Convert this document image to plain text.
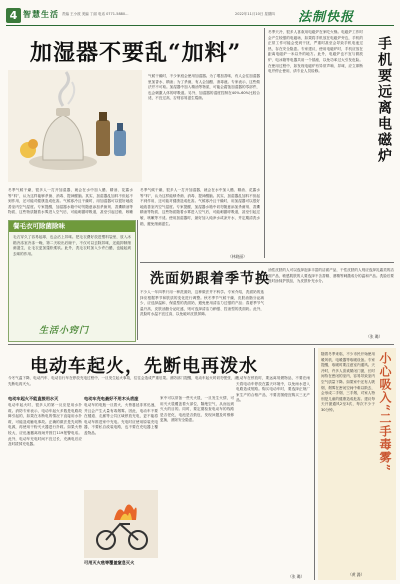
4 智慧生活 责编 王小波 美编 丁丽 电话 0771-5880...	2022年11月10日 星期四 法制快报
加湿器不要乱“加料”
气候干燥时，不少家庭会使用加湿器。为了增加香味，有人会往加湿器里加香水、精油；为了杀菌，有人会加醋、消毒液。专家表示，这些做法并不可取。加湿器中加入精油等物质，可能会腐蚀加湿器的零部件，也会刺激人体的呼吸道。另外，加湿器的湿度控制在40%-60%比较合适，不宜过高，否则容易滋生霉菌。
冬季气候干燥，很多人一打开加湿器，就会在水中加入醋、精油、花露水等“料”，认为这样能够杀菌、消毒、提神醒脑。其实，加湿器乱加料不但起不到作用，还可能对健康造成危害。气候寒冷且干燥时，用加湿器可以很好地改善室内空气湿度。专家提醒，加湿器水箱中切勿随意添加杀菌剂、香薰精油等物质，这些物质随着水雾进入空气后，可能刺激呼吸道，甚至引起过敏、咳嗽
冬季气候干燥，很多人一打开加湿器，就会在水中加入醋、精油、花露水等“料”，认为这样能够杀菌、消毒、提神醒脑。其实，加湿器乱加料不但起不到作用，还可能对健康造成危害。气候寒冷且干燥时，用加湿器可以很好地改善室内空气湿度。专家提醒，加湿器水箱中切勿随意添加杀菌剂、香薰精油等物质，这些物质随着水雾进入空气后，可能刺激呼吸道，甚至引起过敏、咳嗽等不适。使用加湿器时，最好加入纯净水或凉开水，并定期清洗水箱，避免细菌滋生。
（林晓丽）
餐毛衣可除菌除味
毛衣穿久了容易起球，也会沾上异味。把毛衣叠好放进塑料袋里，放入冰箱冷冻室冷冻一晚，第二天取出后晾干，不仅可以去除异味，还能抑制细菌滋生，让毛衣更加蓬松柔软。此外，洗毛衣时加入少许白醋，也能起到去味的作用。
生活小窍门
手机要远离电磁炉
冬季天冷，很多人喜欢用电磁炉在家吃火锅。电磁炉工作时会产生较强的电磁场，如果将手机放在电磁炉旁边，手机的正常工作可能会受到干扰，严重时甚至会导致手机电池过热，存在安全隐患。专家建议，使用电磁炉时，手机应放在距离电磁炉一米以外的地方。此外，电磁炉也不宜与微波炉、电冰箱等电器共用一个插座，以免功率过大引发危险。在使用过程中，如发现电磁炉有异常声响、异味，应立即断电并停止使用，请专业人员检修。
洗面奶跟着季节换
不少人一年四季只用一种洗面奶，这种做法并不科学。专家介绍，洗面奶的选择应根据季节和肤质的变化进行调整。秋冬季节气候干燥，皮肤油脂分泌减少，应选择温和、保湿型的洗面奶，避免使用清洁力过强的产品；春夏季节气温升高，皮肤油脂分泌旺盛，则可选择清洁力稍强、控油型的洗面奶。此外，洗脸时水温不宜过高，以免破坏皮肤屏障。
油性皮肤的人可以选择泡沫丰富的洁面产品，干性皮肤的人则应选择乳霜类的洁面产品，敏感肌肤的人要选择不含香精、酒精等刺激成分的温和产品。洗脸后要及时涂抹护肤品，为皮肤补充水分。
（张 璐）
电动车起火，先断电再泼水
今冬气温下降，电动汽车、电动自行车在停放充电过程中，一旦发生起火事故，往往会造成严重后果。消防部门提醒，电动车起火时切勿慌张，应先断电再灭火。
电动车起火不能直接用水灭
电动车起火时，很多人的第一反应是用水扑救。消防专家表示，电动车起火多数是电路故障引起的，如果在未断电的情况下直接用水扑救，可能造成触电事故。正确的做法是先切断电源，再使用干粉灭火器进行扑救。如果火势较大，应迅速撤离现场并拨打119报警电话。此外，电动车充电时间不宜过长，充满电后应及时拔掉充电器。
电动车充电最好不用木头底座
电动车的电瓶一旦着火，火势蔓延非常迅速，并且会产生大量有毒烟雾。因此，电动车不要在楼道、走廊等公共区域停放充电，更不能将电动车推进家中充电。充电时应使用原装充电器，不要私自改装电路，也不要在充电器上覆盖物品。
可用灭火毯等覆盖窒息灭火
家中可以常备一些灭火毯，一旦发生火情，可用灭火毯覆盖着火部位，隔绝空气，从而达到灭火的目的。同时，要定期检查电动车的线路是否老化，电池是否鼓包，发现问题及时维修更换，消除安全隐患。
电动车在停放时，要远离易燃物品，不要在雨天将电动车停放在露天环境中，以免雨水进入电路造成短路。购买电动车时，要选择正规厂家生产的合格产品，不要贪图便宜购买三无产品。
（张 璐）
小心吸入“二手毒雾”
随着冬季来临，不少市民开始使用暖风机、电暖器等取暖设备。专家提醒，取暖时要注意室内通风。天冷时，许多人喜欢紧闭门窗，长时间待在密闭的室内，容易导致室内空气质量下降。如果家中还有人吸烟，烟雾在密闭空间中难以散去，会形成二手烟、三手烟，对家人特别是儿童的健康造成危害。建议每天开窗通风2至3次，每次不少于30分钟。
（黄 潞）
